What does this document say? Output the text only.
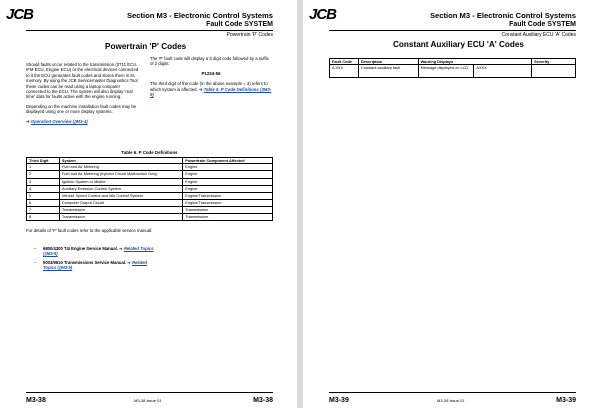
JCB	Section M3 - Electronic Control Systems
Fault Code SYSTEM
Powertrain 'P' Codes
Powertrain 'P' Codes

Should faults occur related to the transmission (0711 ECU, IFM ECU, Engine ECU) or the electrical devices connected to it the ECU generates fault codes and stores them in its memory. By using the JCB Servicemaster Diagnostics Tool these codes can be read using a laptop computer connected to the ECU. The system will also display 'real time' data for faults active with the engine running.

Depending on the machine installation fault codes may be displayed using one or more display systems.

➔ Operation Overview (▯M3-4)

The 'P' fault code will display a 5 digit code followed by a suffix of 2 digits:

P1234-56

The third digit of the code (in the above example = 3) refers to which system is affected. ➔ Table 6. P Code Definitions (▯M3-9)

Table 6. P Code Definitions
Third Digit	System	Powertrain Component Affected
1	Fuel and Air Metering	Engine
2	Fuel and Air Metering (Injector Circuit Malfunction Only)	Engine
3	Ignition System or Misfire	Engine
4	Auxiliary Emission Control System	Engine
5	Vehicle Speed Control and Idle Control System	Engine/Transmission
6	Computer Output Circuit	Engine/Transmission
7	Transmission	Transmission
8	Transmission	Transmission
For details of 'P' fault codes refer to the applicable service manual:
– 6800/4300 T4i Engine Service Manual. ➔ Related Topics (▯M3-9)
– 5003/9610 Transmissions Service Manual. ➔ Related Topics (▯M3-9)
M3-38	M3-38 Issue 01	M3-38
JCB	Section M3 - Electronic Control Systems
Fault Code SYSTEM
Constant Auxiliary ECU 'A' Codes
Constant Auxiliary ECU 'A' Codes
Fault Code	Description	Warning Displays		Severity
A XXX	Constant auxiliary fault	Message displayed on LCD.	AXXX	
M3-39	M3-39 Issue 01	M3-39
